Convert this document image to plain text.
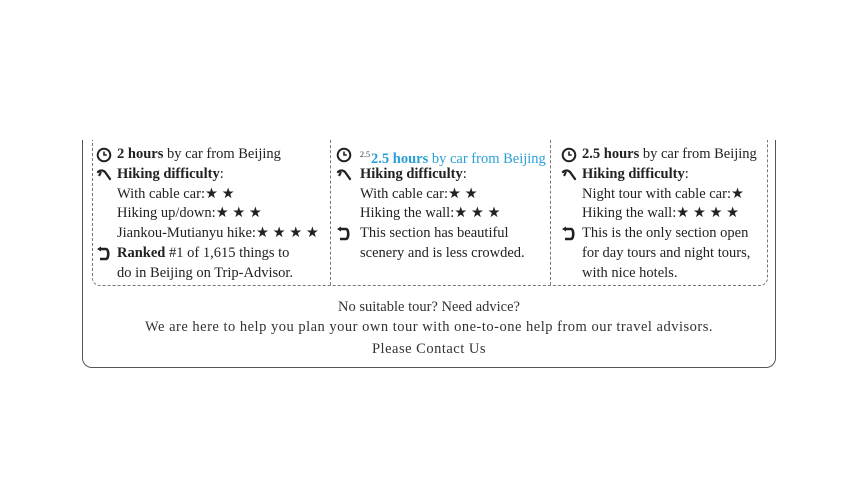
2 hours by car from Beijing
Hiking difficulty:
With cable car:★ ★
Hiking up/down:★ ★ ★
Jiankou-Mutianyu hike:★ ★ ★ ★
Ranked #1 of 1,615 things to
do in Beijing on Trip-Advisor.
$^{2.5}$2.5 hours by car from Beijing
Hiking difficulty:
With cable car:★ ★
Hiking the wall:★ ★ ★
This section has beautiful
scenery and is less crowded.
2.5 hours by car from Beijing
Hiking difficulty:
Night tour with cable car:★
Hiking the wall:★ ★ ★ ★
This is the only section open
for day tours and night tours,
with nice hotels.
No suitable tour? Need advice?
We are here to help you plan your own tour with one-to-one help from our travel advisors.
Please Contact Us
